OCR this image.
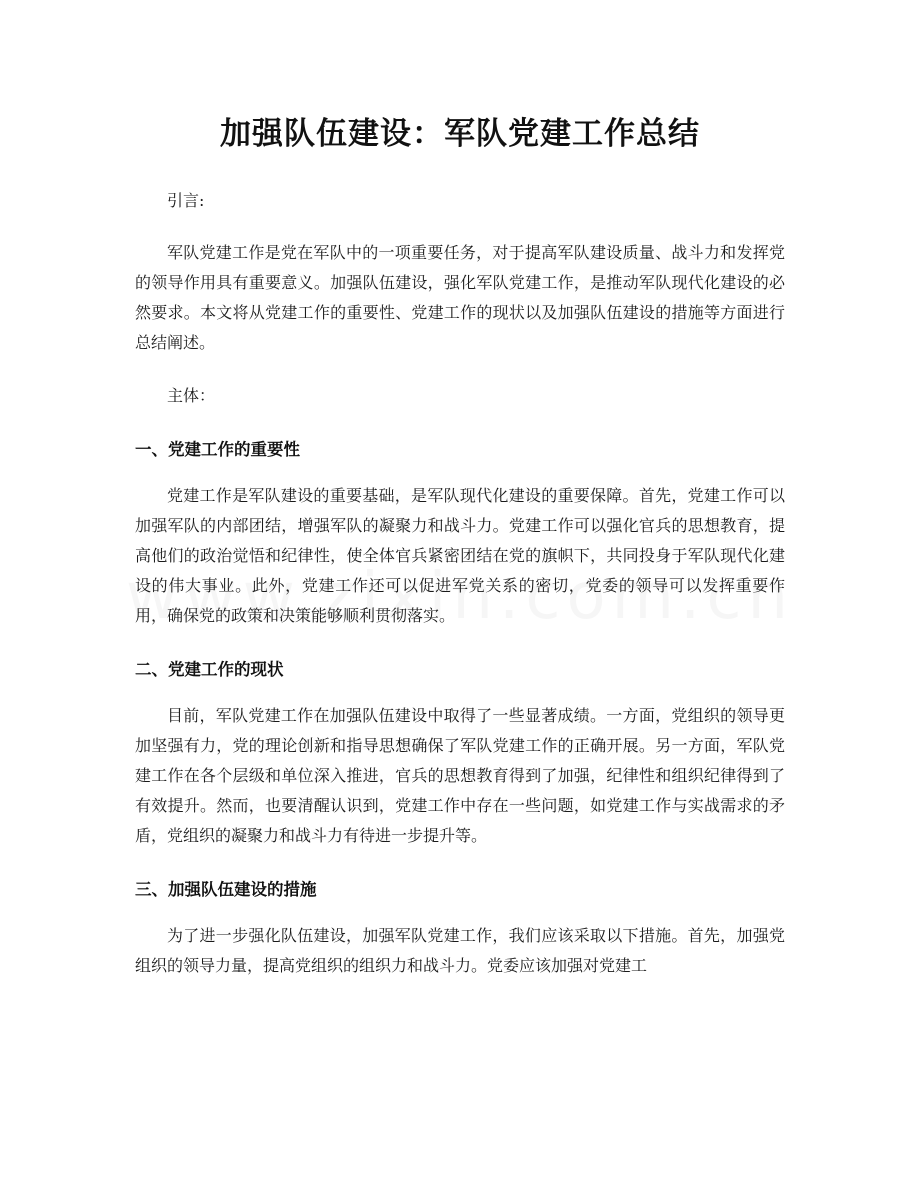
加强队伍建设：军队党建工作总结

引言:

军队党建工作是党在军队中的一项重要任务，对于提高军队建设质量、战斗力和发挥党的领导作用具有重要意义。加强队伍建设，强化军队党建工作，是推动军队现代化建设的必然要求。本文将从党建工作的重要性、党建工作的现状以及加强队伍建设的措施等方面进行总结阐述。

主体：

一、党建工作的重要性

党建工作是军队建设的重要基础，是军队现代化建设的重要保障。首先，党建工作可以加强军队的内部团结，增强军队的凝聚力和战斗力。党建工作可以强化官兵的思想教育，提高他们的政治觉悟和纪律性，使全体官兵紧密团结在党的旗帜下，共同投身于军队现代化建设的伟大事业。此外，党建工作还可以促进军党关系的密切，党委的领导可以发挥重要作用，确保党的政策和决策能够顺利贯彻落实。

二、党建工作的现状

目前，军队党建工作在加强队伍建设中取得了一些显著成绩。一方面，党组织的领导更加坚强有力，党的理论创新和指导思想确保了军队党建工作的正确开展。另一方面，军队党建工作在各个层级和单位深入推进，官兵的思想教育得到了加强，纪律性和组织纪律得到了有效提升。然而，也要清醒认识到，党建工作中存在一些问题，如党建工作与实战需求的矛盾，党组织的凝聚力和战斗力有待进一步提升等。

三、加强队伍建设的措施

为了进一步强化队伍建设，加强军队党建工作，我们应该采取以下措施。首先，加强党组织的领导力量，提高党组织的组织力和战斗力。党委应该加强对党建工
